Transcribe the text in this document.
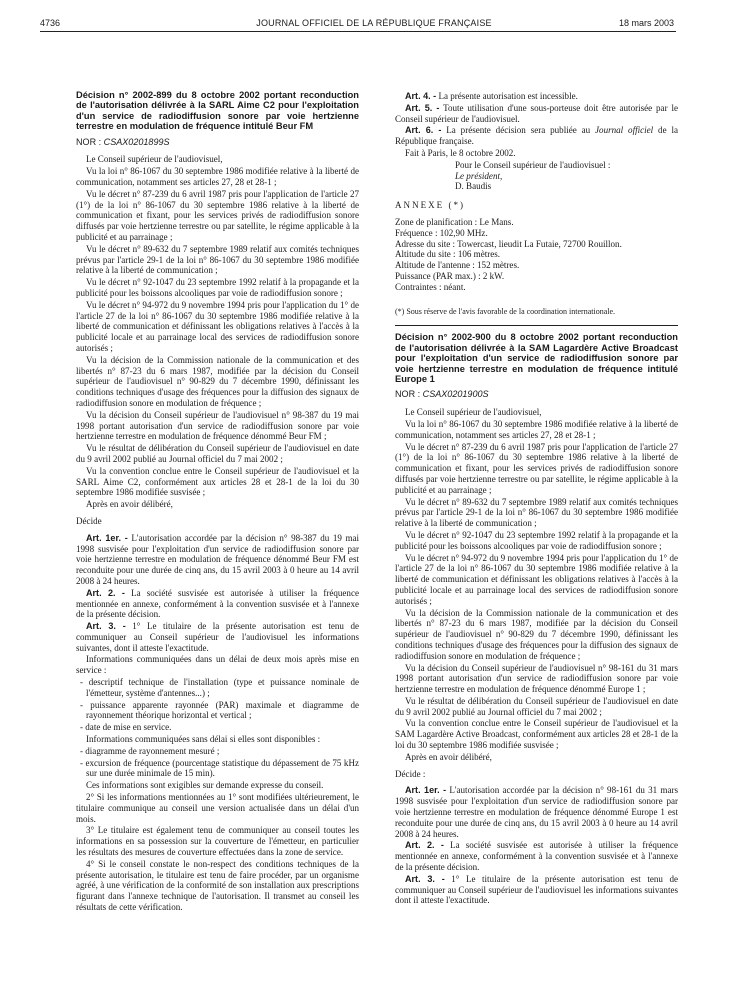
4736	JOURNAL OFFICIEL DE LA RÉPUBLIQUE FRANÇAISE	18 mars 2003

Décision n° 2002-899 du 8 octobre 2002 portant reconduction de l'autorisation délivrée à la SARL Aime C2 pour l'exploitation d'un service de radiodiffusion sonore par voie hertzienne terrestre en modulation de fréquence intitulé Beur FM

NOR : CSAX0201899S

Le Conseil supérieur de l'audiovisuel,

Vu la loi n° 86-1067 du 30 septembre 1986 modifiée relative à la liberté de communication, notamment ses articles 27, 28 et 28-1 ;

Vu le décret n° 87-239 du 6 avril 1987 pris pour l'application de l'article 27 (1°) de la loi n° 86-1067 du 30 septembre 1986 relative à la liberté de communication et fixant, pour les services privés de radiodiffusion sonore diffusés par voie hertzienne terrestre ou par satellite, le régime applicable à la publicité et au parrainage ;

Vu le décret n° 89-632 du 7 septembre 1989 relatif aux comités techniques prévus par l'article 29-1 de la loi n° 86-1067 du 30 septembre 1986 modifiée relative à la liberté de communication ;

Vu le décret n° 92-1047 du 23 septembre 1992 relatif à la propagande et la publicité pour les boissons alcooliques par voie de radiodiffusion sonore ;

Vu le décret n° 94-972 du 9 novembre 1994 pris pour l'application du 1° de l'article 27 de la loi n° 86-1067 du 30 septembre 1986 modifiée relative à la liberté de communication et définissant les obligations relatives à l'accès à la publicité locale et au parrainage local des services de radiodiffusion sonore autorisés ;

Vu la décision de la Commission nationale de la communication et des libertés n° 87-23 du 6 mars 1987, modifiée par la décision du Conseil supérieur de l'audiovisuel n° 90-829 du 7 décembre 1990, définissant les conditions techniques d'usage des fréquences pour la diffusion des signaux de radiodiffusion sonore en modulation de fréquence ;

Vu la décision du Conseil supérieur de l'audiovisuel n° 98-387 du 19 mai 1998 portant autorisation d'un service de radiodiffusion sonore par voie hertzienne terrestre en modulation de fréquence dénommé Beur FM ;

Vu le résultat de délibération du Conseil supérieur de l'audiovisuel en date du 9 avril 2002 publié au Journal officiel du 7 mai 2002 ;

Vu la convention conclue entre le Conseil supérieur de l'audiovisuel et la SARL Aime C2, conformément aux articles 28 et 28-1 de la loi du 30 septembre 1986 modifiée susvisée ;

Après en avoir délibéré,

Décide

Art. 1er. - L'autorisation accordée par la décision n° 98-387 du 19 mai 1998 susvisée pour l'exploitation d'un service de radiodiffusion sonore par voie hertzienne terrestre en modulation de fréquence dénommé Beur FM est reconduite pour une durée de cinq ans, du 15 avril 2003 à 0 heure au 14 avril 2008 à 24 heures.

Art. 2. - La société susvisée est autorisée à utiliser la fréquence mentionnée en annexe, conformément à la convention susvisée et à l'annexe de la présente décision.

Art. 3. - 1° Le titulaire de la présente autorisation est tenu de communiquer au Conseil supérieur de l'audiovisuel les informations suivantes, dont il atteste l'exactitude.

Informations communiquées dans un délai de deux mois après mise en service :

- descriptif technique de l'installation (type et puissance nominale de l'émetteur, système d'antennes...) ;

- puissance apparente rayonnée (PAR) maximale et diagramme de rayonnement théorique horizontal et vertical ;

- date de mise en service.

Informations communiquées sans délai si elles sont disponibles :

- diagramme de rayonnement mesuré ;

- excursion de fréquence (pourcentage statistique du dépassement de 75 kHz sur une durée minimale de 15 min).

Ces informations sont exigibles sur demande expresse du conseil.

2° Si les informations mentionnées au 1° sont modifiées ultérieurement, le titulaire communique au conseil une version actualisée dans un délai d'un mois.

3° Le titulaire est également tenu de communiquer au conseil toutes les informations en sa possession sur la couverture de l'émetteur, en particulier les résultats des mesures de couverture effectuées dans la zone de service.

4° Si le conseil constate le non-respect des conditions techniques de la présente autorisation, le titulaire est tenu de faire procéder, par un organisme agréé, à une vérification de la conformité de son installation aux prescriptions figurant dans l'annexe technique de l'autorisation. Il transmet au conseil les résultats de cette vérification.

Art. 4. - La présente autorisation est incessible.

Art. 5. - Toute utilisation d'une sous-porteuse doit être autorisée par le Conseil supérieur de l'audiovisuel.

Art. 6. - La présente décision sera publiée au Journal officiel de la République française.

Fait à Paris, le 8 octobre 2002.

Pour le Conseil supérieur de l'audiovisuel :

Le président,

D. Baudis

ANNEXE (*)

Zone de planification : Le Mans.

Fréquence : 102,90 MHz.

Adresse du site : Towercast, lieudit La Futaie, 72700 Rouillon.

Altitude du site : 106 mètres.

Altitude de l'antenne : 152 mètres.

Puissance (PAR max.) : 2 kW.

Contraintes : néant.

(*) Sous réserve de l'avis favorable de la coordination internationale.

Décision n° 2002-900 du 8 octobre 2002 portant reconduction de l'autorisation délivrée à la SAM Lagardère Active Broadcast pour l'exploitation d'un service de radiodiffusion sonore par voie hertzienne terrestre en modulation de fréquence intitulé Europe 1

NOR : CSAX0201900S

Le Conseil supérieur de l'audiovisuel,

Vu la loi n° 86-1067 du 30 septembre 1986 modifiée relative à la liberté de communication, notamment ses articles 27, 28 et 28-1 ;

Vu le décret n° 87-239 du 6 avril 1987 pris pour l'application de l'article 27 (1°) de la loi n° 86-1067 du 30 septembre 1986 relative à la liberté de communication et fixant, pour les services privés de radiodiffusion sonore diffusés par voie hertzienne terrestre ou par satellite, le régime applicable à la publicité et au parrainage ;

Vu le décret n° 89-632 du 7 septembre 1989 relatif aux comités techniques prévus par l'article 29-1 de la loi n° 86-1067 du 30 septembre 1986 modifiée relative à la liberté de communication ;

Vu le décret n° 92-1047 du 23 septembre 1992 relatif à la propagande et la publicité pour les boissons alcooliques par voie de radiodiffusion sonore ;

Vu le décret n° 94-972 du 9 novembre 1994 pris pour l'application du 1° de l'article 27 de la loi n° 86-1067 du 30 septembre 1986 modifiée relative à la liberté de communication et définissant les obligations relatives à l'accès à la publicité locale et au parrainage local des services de radiodiffusion sonore autorisés ;

Vu la décision de la Commission nationale de la communication et des libertés n° 87-23 du 6 mars 1987, modifiée par la décision du Conseil supérieur de l'audiovisuel n° 90-829 du 7 décembre 1990, définissant les conditions techniques d'usage des fréquences pour la diffusion des signaux de radiodiffusion sonore en modulation de fréquence ;

Vu la décision du Conseil supérieur de l'audiovisuel n° 98-161 du 31 mars 1998 portant autorisation d'un service de radiodiffusion sonore par voie hertzienne terrestre en modulation de fréquence dénommé Europe 1 ;

Vu le résultat de délibération du Conseil supérieur de l'audiovisuel en date du 9 avril 2002 publié au Journal officiel du 7 mai 2002 ;

Vu la convention conclue entre le Conseil supérieur de l'audiovisuel et la SAM Lagardère Active Broadcast, conformément aux articles 28 et 28-1 de la loi du 30 septembre 1986 modifiée susvisée ;

Après en avoir délibéré,

Décide :

Art. 1er. - L'autorisation accordée par la décision n° 98-161 du 31 mars 1998 susvisée pour l'exploitation d'un service de radiodiffusion sonore par voie hertzienne terrestre en modulation de fréquence dénommé Europe 1 est reconduite pour une durée de cinq ans, du 15 avril 2003 à 0 heure au 14 avril 2008 à 24 heures.

Art. 2. - La société susvisée est autorisée à utiliser la fréquence mentionnée en annexe, conformément à la convention susvisée et à l'annexe de la présente décision.

Art. 3. - 1° Le titulaire de la présente autorisation est tenu de communiquer au Conseil supérieur de l'audiovisuel les informations suivantes dont il atteste l'exactitude.
